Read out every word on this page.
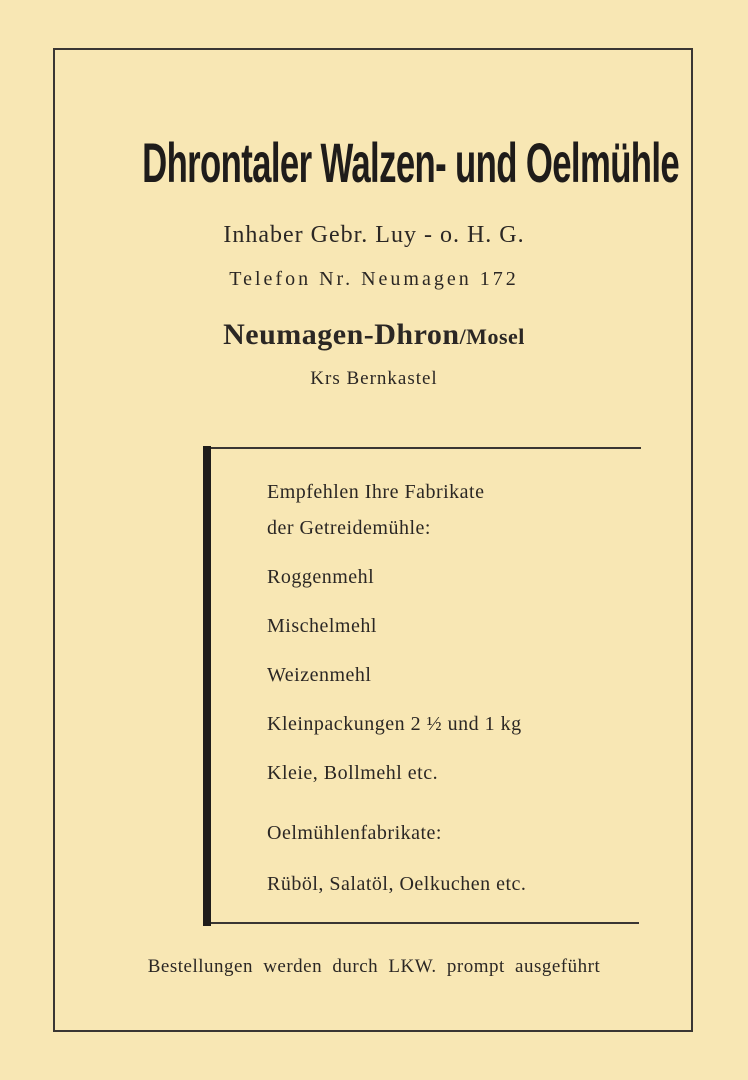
Dhrontaler Walzen- und Oelmühle
Inhaber Gebr. Luy - o. H. G.
Telefon Nr. Neumagen 172
Neumagen-Dhron/Mosel
Krs Bernkastel
Empfehlen Ihre Fabrikate
der Getreidemühle:
Roggenmehl
Mischelmehl
Weizenmehl
Kleinpackungen 2 ½ und 1 kg
Kleie, Bollmehl etc.
Oelmühlenfabrikate:
Rüböl, Salatöl, Oelkuchen etc.
Bestellungen werden durch LKW. prompt ausgeführt
